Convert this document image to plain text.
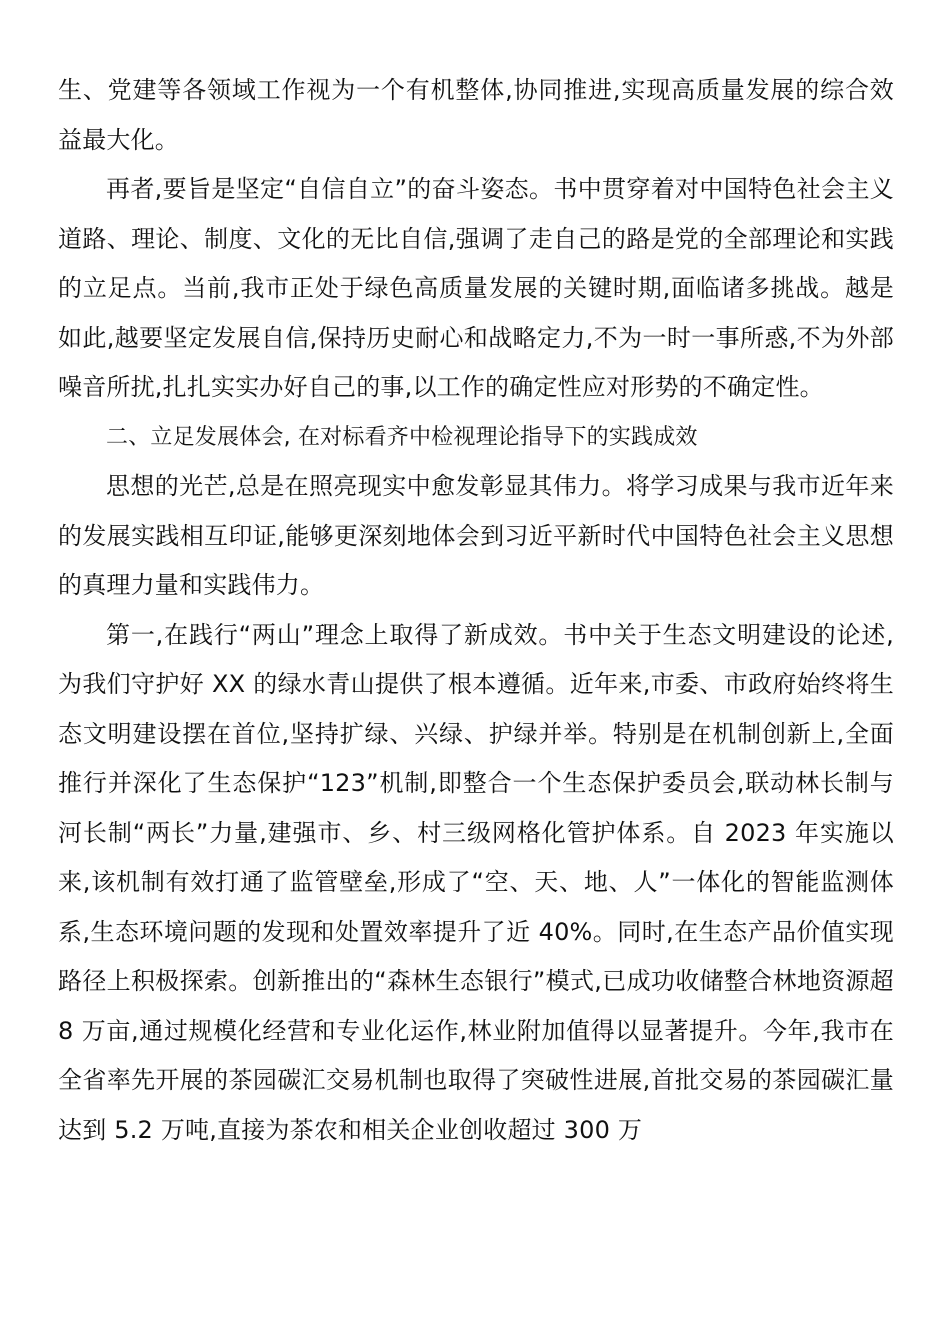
生、党建等各领域工作视为一个有机整体,协同推进,实现高质量发展的综合效益最大化。

再者,要旨是坚定“自信自立”的奋斗姿态。书中贯穿着对中国特色社会主义道路、理论、制度、文化的无比自信,强调了走自己的路是党的全部理论和实践的立足点。当前,我市正处于绿色高质量发展的关键时期,面临诸多挑战。越是如此,越要坚定发展自信,保持历史耐心和战略定力,不为一时一事所惑,不为外部噪音所扰,扎扎实实办好自己的事,以工作的确定性应对形势的不确定性。

二、立足发展体会, 在对标看齐中检视理论指导下的实践成效

思想的光芒,总是在照亮现实中愈发彰显其伟力。将学习成果与我市近年来的发展实践相互印证,能够更深刻地体会到习近平新时代中国特色社会主义思想的真理力量和实践伟力。

第一,在践行“两山”理念上取得了新成效。书中关于生态文明建设的论述,为我们守护好 XX 的绿水青山提供了根本遵循。近年来,市委、市政府始终将生态文明建设摆在首位,坚持扩绿、兴绿、护绿并举。特别是在机制创新上,全面推行并深化了生态保护“123”机制,即整合一个生态保护委员会,联动林长制与河长制“两长”力量,建强市、乡、村三级网格化管护体系。自 2023 年实施以来,该机制有效打通了监管壁垒,形成了“空、天、地、人”一体化的智能监测体系,生态环境问题的发现和处置效率提升了近 40%。同时,在生态产品价值实现路径上积极探索。创新推出的“森林生态银行”模式,已成功收储整合林地资源超 8 万亩,通过规模化经营和专业化运作,林业附加值得以显著提升。今年,我市在全省率先开展的茶园碳汇交易机制也取得了突破性进展,首批交易的茶园碳汇量达到 5.2 万吨,直接为茶农和相关企业创收超过 300 万
